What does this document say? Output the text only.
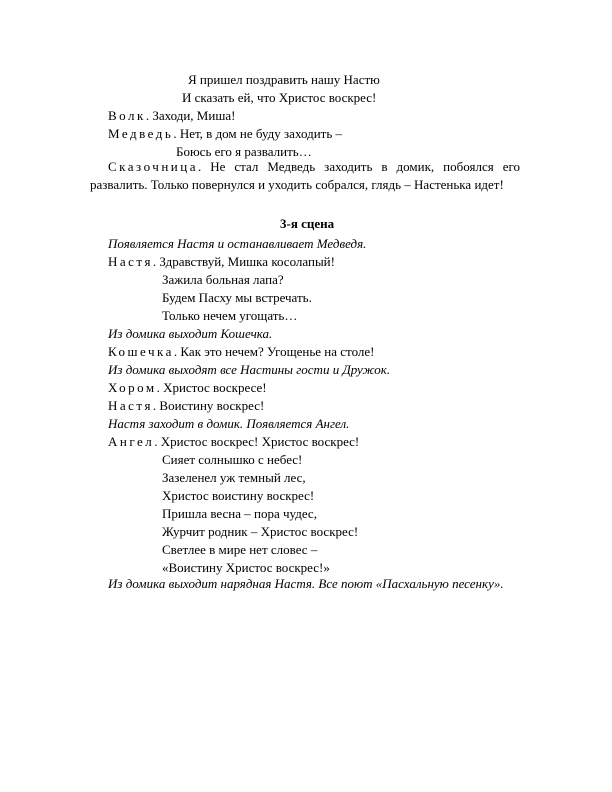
Я пришел поздравить нашу Настю
И сказать ей, что Христос воскрес!
Волк. Заходи, Миша!
Медведь. Нет, в дом не буду заходить –
Боюсь его я развалить…
Сказочница. Не стал Медведь заходить в домик, побоялся его развалить. Только повернулся и уходить собрался, глядь – Настенька идет!
3-я сцена
Появляется Настя и останавливает Медведя.
Настя. Здравствуй, Мишка косолапый!
Зажила больная лапа?
Будем Пасху мы встречать.
Только нечем угощать…
Из домика выходит Кошечка.
Кошечка. Как это нечем? Угощенье на столе!
Из домика выходят все Настины гости и Дружок.
Хором. Христос воскресе!
Настя. Воистину воскрес!
Настя заходит в домик. Появляется Ангел.
Ангел. Христос воскрес! Христос воскрес!
Сияет солнышко с небес!
Зазеленел уж темный лес,
Христос воистину воскрес!
Пришла весна – пора чудес,
Журчит родник – Христос воскрес!
Светлее в мире нет словес –
«Воистину Христос воскрес!»
Из домика выходит нарядная Настя. Все поют «Пасхальную песенку».
